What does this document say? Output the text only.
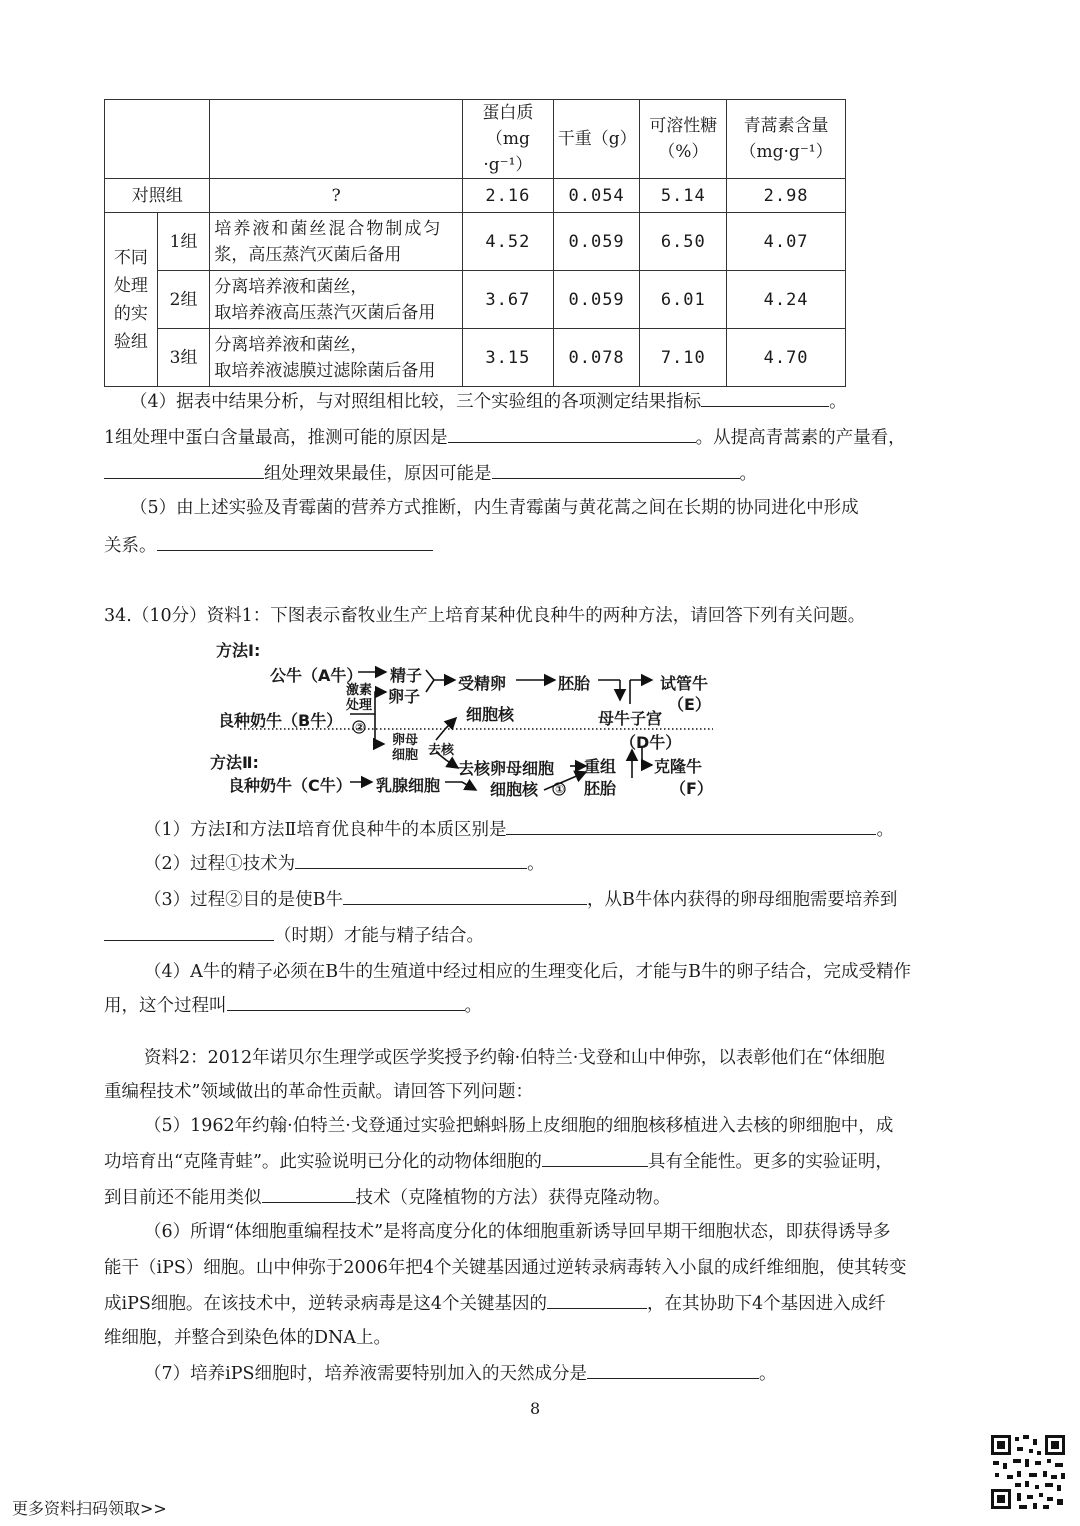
			蛋白质（mg
·g⁻¹）	干重（g）	可溶性糖
（%）	青蒿素含量
（mg·g⁻¹）
对照组		?	2.16	0.054	5.14	2.98
不同
处理
的实
验组	1组	培养液和菌丝混合物制成匀
浆，高压蒸汽灭菌后备用	4.52	0.059	6.50	4.07
	2组	分离培养液和菌丝，
取培养液高压蒸汽灭菌后备用	3.67	0.059	6.01	4.24
	3组	分离培养液和菌丝，
取培养液滤膜过滤除菌后备用	3.15	0.078	7.10	4.70
（4）据表中结果分析，与对照组相比较，三个实验组的各项测定结果指标	。
1组处理中蛋白含量最高，推测可能的原因是	。从提高青蒿素的产量看，
组处理效果最佳，原因可能是	。
（5）由上述实验及青霉菌的营养方式推断，内生青霉菌与黄花蒿之间在长期的协同进化中形成
关系。
34.（10分）资料1：下图表示畜牧业生产上培育某种优良种牛的两种方法，请回答下列有关问题。
方法Ⅰ:
公牛（A牛） 精子
激素
处理
②
卵子
良种奶牛（B牛）
受精卵	胚胎	试管牛
（E）
母牛子宫
（D牛）
细胞核
卵母
细胞 去核
去核卵母细胞 重组
胚胎
克隆牛
（F）
方法Ⅱ:
良种奶牛（C牛） 乳腺细胞	细胞核 ①
（1）方法Ⅰ和方法Ⅱ培育优良种牛的本质区别是	。
（2）过程①技术为	。
（3）过程②目的是使B牛	，从B牛体内获得的卵母细胞需要培养到
（时期）才能与精子结合。
（4）A牛的精子必须在B牛的生殖道中经过相应的生理变化后，才能与B牛的卵子结合，完成受精作
用，这个过程叫	。
资料2：2012年诺贝尔生理学或医学奖授予约翰·伯特兰·戈登和山中伸弥，以表彰他们在“体细胞
重编程技术”领域做出的革命性贡献。请回答下列问题：
（5）1962年约翰·伯特兰·戈登通过实验把蝌蚪肠上皮细胞的细胞核移植进入去核的卵细胞中，成
功培育出“克隆青蛙”。此实验说明已分化的动物体细胞的	具有全能性。更多的实验证明，
到目前还不能用类似	技术（克隆植物的方法）获得克隆动物。
（6）所谓“体细胞重编程技术”是将高度分化的体细胞重新诱导回早期干细胞状态，即获得诱导多
能干（iPS）细胞。山中伸弥于2006年把4个关键基因通过逆转录病毒转入小鼠的成纤维细胞，使其转变
成iPS细胞。在该技术中，逆转录病毒是这4个关键基因的	，在其协助下4个基因进入成纤
维细胞，并整合到染色体的DNA上。
（7）培养iPS细胞时，培养液需要特别加入的天然成分是	。
8
更多资料扫码领取>>
